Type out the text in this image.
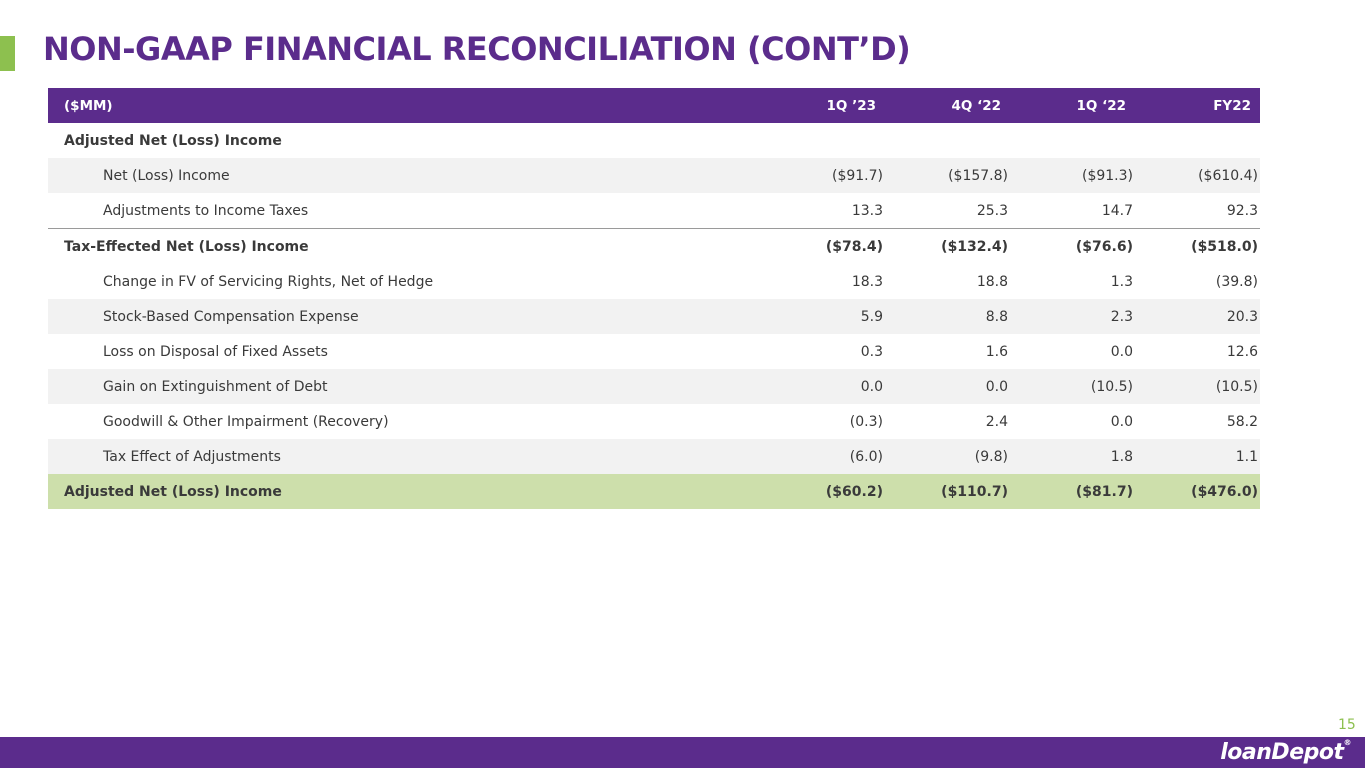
NON-GAAP FINANCIAL RECONCILIATION (CONT’D)
($MM)	1Q ’23	4Q ‘22	1Q ‘22	FY22
Adjusted Net (Loss) Income				
Net (Loss) Income	($91.7)	($157.8)	($91.3)	($610.4)
Adjustments to Income Taxes	13.3	25.3	14.7	92.3
Tax-Effected Net (Loss) Income	($78.4)	($132.4)	($76.6)	($518.0)
Change in FV of Servicing Rights, Net of Hedge	18.3	18.8	1.3	(39.8)
Stock-Based Compensation Expense	5.9	8.8	2.3	20.3
Loss on Disposal of Fixed Assets	0.3	1.6	0.0	12.6
Gain on Extinguishment of Debt	0.0	0.0	(10.5)	(10.5)
Goodwill & Other Impairment (Recovery)	(0.3)	2.4	0.0	58.2
Tax Effect of Adjustments	(6.0)	(9.8)	1.8	1.1
Adjusted Net (Loss) Income	($60.2)	($110.7)	($81.7)	($476.0)
15
loanDepot®
